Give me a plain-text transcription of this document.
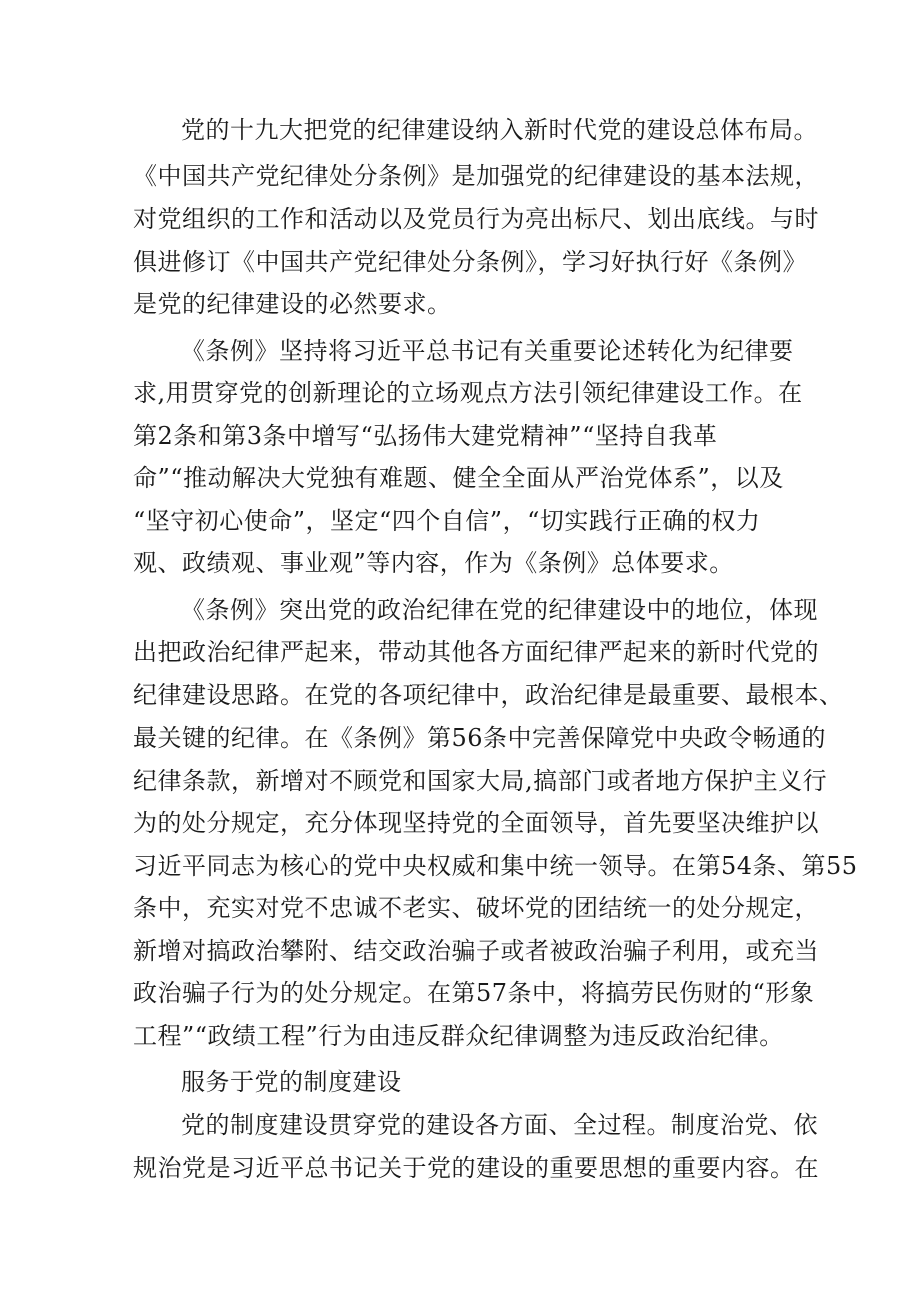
党的十九大把党的纪律建设纳入新时代党的建设总体布局。
《中国共产党纪律处分条例》是加强党的纪律建设的基本法规，
对党组织的工作和活动以及党员行为亮出标尺、划出底线。与时
俱进修订《中国共产党纪律处分条例》，学习好执行好《条例》
是党的纪律建设的必然要求。
《条例》坚持将习近平总书记有关重要论述转化为纪律要
求,用贯穿党的创新理论的立场观点方法引领纪律建设工作。在
第2条和第3条中增写“弘扬伟大建党精神”“坚持自我革
命”“推动解决大党独有难题、健全全面从严治党体系”，以及
“坚守初心使命”，坚定“四个自信”，“切实践行正确的权力
观、政绩观、事业观”等内容，作为《条例》总体要求。
《条例》突出党的政治纪律在党的纪律建设中的地位，体现
出把政治纪律严起来，带动其他各方面纪律严起来的新时代党的
纪律建设思路。在党的各项纪律中，政治纪律是最重要、最根本、
最关键的纪律。在《条例》第56条中完善保障党中央政令畅通的
纪律条款，新增对不顾党和国家大局,搞部门或者地方保护主义行
为的处分规定，充分体现坚持党的全面领导，首先要坚决维护以
习近平同志为核心的党中央权威和集中统一领导。在第54条、第55
条中，充实对党不忠诚不老实、破坏党的团结统一的处分规定，
新增对搞政治攀附、结交政治骗子或者被政治骗子利用，或充当
政治骗子行为的处分规定。在第57条中，将搞劳民伤财的“形象
工程”“政绩工程”行为由违反群众纪律调整为违反政治纪律。
服务于党的制度建设
党的制度建设贯穿党的建设各方面、全过程。制度治党、依
规治党是习近平总书记关于党的建设的重要思想的重要内容。在
